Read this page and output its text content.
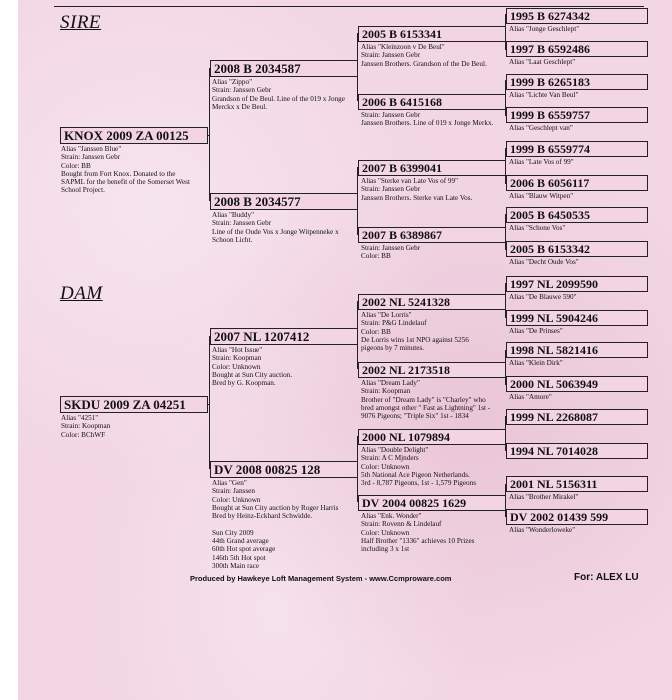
SIRE
DAM
KNOX 2009 ZA 00125
Alias "Janssen Blue"
Strain: Janssen Gebr
Color: BB
Bought from Fort Knox. Donated to the
SAPML for the benefit of the Somerset West
School Project.
SKDU 2009 ZA 04251
Alias "4251"
Strain: Koopman
Color: BChWF
2008 B 2034587
Alias "Zippo"
Strain: Janssen Gebr
Grandson of De Beul. Line of the 019 x Jonge
Merckx x De Beul.
2008 B 2034577
Alias "Buddy"
Strain: Janssen Gebr
Line of the Oude Vos x Jonge Witpenneke x
Schoon Licht.
2007 NL 1207412
Alias "Hot Issue"
Strain: Koopman
Color: Unknown
Bought at Sun City auction.
Bred by G. Koopman.
DV 2008 00825 128
Alias "Gen"
Strain: Janssen
Color: Unknown
Bought at Sun City auction by Roger Harris
Bred by Heinz-Eckhard Schwidde.

Sun City 2009
44th Grand average
60th Hot spot average
146th 5th Hot spot
300th Main race
2005 B 6153341
Alias "Kleinzoon v De Beul"
Strain: Janssen Gebr
Janssen Brothers. Grandson of the De Beul.
2006 B 6415168
Strain: Janssen Gebr
Janssen Brothers. Line of 019 x Jonge Merkx.
2007 B 6399041
Alias "Sterke van Late Vos of 99"
Strain: Janssen Gebr
Janssen Brothers. Sterke van Late Vos.
2007 B 6389867
Strain: Janssen Gebr
Color: BB
2002 NL 5241328
Alias "De Lorris"
Strain: P&G Lindelauf
Color: BB
De Lorris wins 1st NPO against 5256
pigeons by 7 minutes.
2002 NL 2173518
Alias "Dream Lady"
Strain: Koopman
Brother of "Dream Lady" is "Charley" who
bred amongst other " Fast as Lightning" 1st -
9076 Pigeons; "Triple Six" 1st - 1834
2000 NL 1079894
Alias "Double Delight"
Strain: A C Mjnders
Color: Unknown
5th National Ace Pigeon Netherlands.
3rd - 8,787 Pigeons, 1st - 1,579 Pigeons
DV 2004 00825 1629
Alias "Enk. Wonder"
Strain: Rovenn & Lindelauf
Color: Unknown
Half Brother "1336" achieves 10 Prizes
including 3 x 1st
1995 B 6274342
Alias "Jonge Geschlept"
1997 B 6592486
Alias "Laat Geschlept"
1999 B 6265183
Alias "Lichte Van Beul"
1999 B 6559757
Alias "Geschlept van"
1999 B 6559774
Alias "Late Vos of 99"
2006 B 6056117
Alias "Blauw Witpen"
2005 B 6450535
Alias "Schone Vos"
2005 B 6153342
Alias "Decht Oude Vos"
1997 NL 2099590
Alias "De Blauwe 590"
1999 NL 5904246
Alias "De Prinses"
1998 NL 5821416
Alias "Klein Dirk"
2000 NL 5063949
Alias "Amore"
1999 NL 2268087
1994 NL 7014028
2001 NL 5156311
Alias "Brother Mirakel"
DV 2002 01439 599
Alias "Wonderloweke"
Produced by Hawkeye Loft Management System - www.Ccmproware.com	For: ALEX LU
